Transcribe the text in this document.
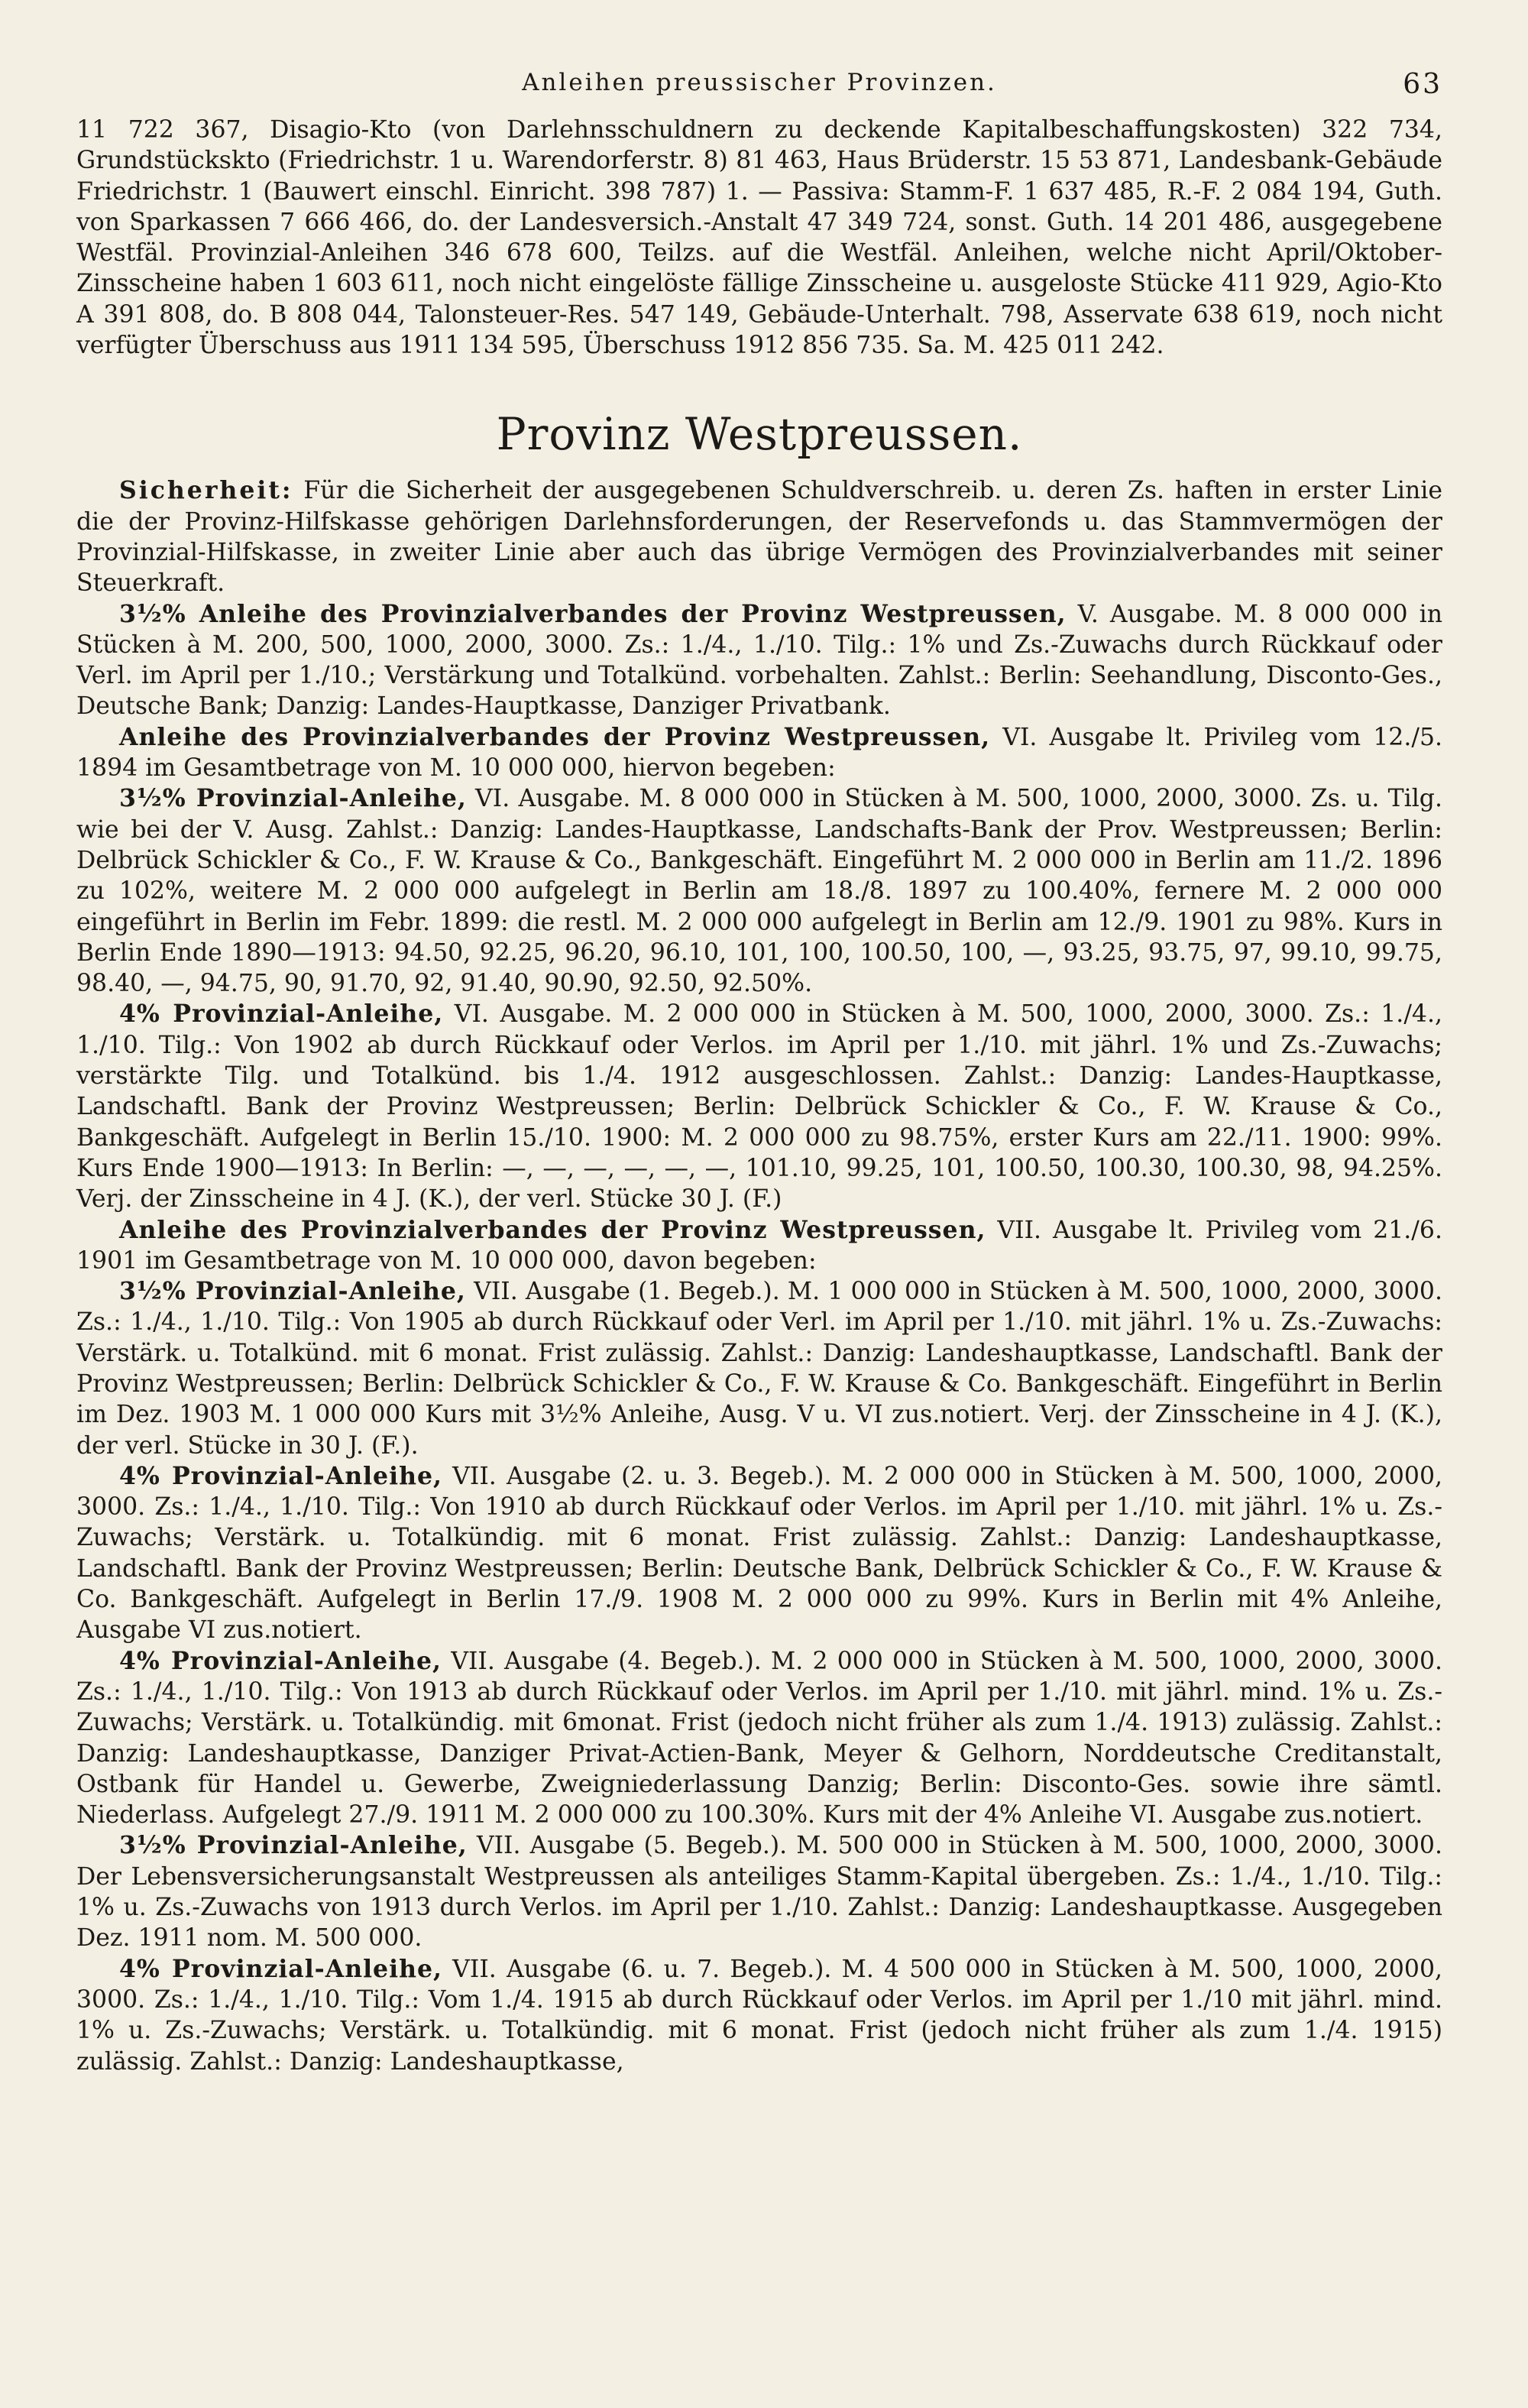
Anleihen preussischer Provinzen.	63

11 722 367, Disagio-Kto (von Darlehnsschuldnern zu deckende Kapitalbeschaffungskosten) 322 734, Grundstückskto (Friedrichstr. 1 u. Warendorferstr. 8) 81 463, Haus Brüderstr. 15 53 871, Landesbank-Gebäude Friedrichstr. 1 (Bauwert einschl. Einricht. 398 787) 1. — Passiva: Stamm-F. 1 637 485, R.-F. 2 084 194, Guth. von Sparkassen 7 666 466, do. der Landesversich.-Anstalt 47 349 724, sonst. Guth. 14 201 486, ausgegebene Westfäl. Provinzial-Anleihen 346 678 600, Teilzs. auf die Westfäl. Anleihen, welche nicht April/Oktober-Zinsscheine haben 1 603 611, noch nicht eingelöste fällige Zinsscheine u. ausgeloste Stücke 411 929, Agio-Kto A 391 808, do. B 808 044, Talonsteuer-Res. 547 149, Gebäude-Unterhalt. 798, Asservate 638 619, noch nicht verfügter Überschuss aus 1911 134 595, Überschuss 1912 856 735. Sa. M. 425 011 242.

Provinz Westpreussen.

Sicherheit: Für die Sicherheit der ausgegebenen Schuldverschreib. u. deren Zs. haften in erster Linie die der Provinz-Hilfskasse gehörigen Darlehnsforderungen, der Reservefonds u. das Stammvermögen der Provinzial-Hilfskasse, in zweiter Linie aber auch das übrige Vermögen des Provinzialverbandes mit seiner Steuerkraft.

3½% Anleihe des Provinzialverbandes der Provinz Westpreussen, V. Ausgabe. M. 8 000 000 in Stücken à M. 200, 500, 1000, 2000, 3000. Zs.: 1./4., 1./10. Tilg.: 1% und Zs.-Zuwachs durch Rückkauf oder Verl. im April per 1./10.; Verstärkung und Totalkünd. vorbehalten. Zahlst.: Berlin: Seehandlung, Disconto-Ges., Deutsche Bank; Danzig: Landes-Hauptkasse, Danziger Privatbank.

Anleihe des Provinzialverbandes der Provinz Westpreussen, VI. Ausgabe lt. Privileg vom 12./5. 1894 im Gesamtbetrage von M. 10 000 000, hiervon begeben:

3½% Provinzial-Anleihe, VI. Ausgabe. M. 8 000 000 in Stücken à M. 500, 1000, 2000, 3000. Zs. u. Tilg. wie bei der V. Ausg. Zahlst.: Danzig: Landes-Hauptkasse, Landschafts-Bank der Prov. Westpreussen; Berlin: Delbrück Schickler & Co., F. W. Krause & Co., Bankgeschäft. Eingeführt M. 2 000 000 in Berlin am 11./2. 1896 zu 102%, weitere M. 2 000 000 aufgelegt in Berlin am 18./8. 1897 zu 100.40%, fernere M. 2 000 000 eingeführt in Berlin im Febr. 1899: die restl. M. 2 000 000 aufgelegt in Berlin am 12./9. 1901 zu 98%. Kurs in Berlin Ende 1890—1913: 94.50, 92.25, 96.20, 96.10, 101, 100, 100.50, 100, —, 93.25, 93.75, 97, 99.10, 99.75, 98.40, —, 94.75, 90, 91.70, 92, 91.40, 90.90, 92.50, 92.50%.

4% Provinzial-Anleihe, VI. Ausgabe. M. 2 000 000 in Stücken à M. 500, 1000, 2000, 3000. Zs.: 1./4., 1./10. Tilg.: Von 1902 ab durch Rückkauf oder Verlos. im April per 1./10. mit jährl. 1% und Zs.-Zuwachs; verstärkte Tilg. und Totalkünd. bis 1./4. 1912 ausgeschlossen. Zahlst.: Danzig: Landes-Hauptkasse, Landschaftl. Bank der Provinz Westpreussen; Berlin: Delbrück Schickler & Co., F. W. Krause & Co., Bankgeschäft. Aufgelegt in Berlin 15./10. 1900: M. 2 000 000 zu 98.75%, erster Kurs am 22./11. 1900: 99%. Kurs Ende 1900—1913: In Berlin: —, —, —, —, —, —, 101.10, 99.25, 101, 100.50, 100.30, 100.30, 98, 94.25%. Verj. der Zinsscheine in 4 J. (K.), der verl. Stücke 30 J. (F.)

Anleihe des Provinzialverbandes der Provinz Westpreussen, VII. Ausgabe lt. Privileg vom 21./6. 1901 im Gesamtbetrage von M. 10 000 000, davon begeben:

3½% Provinzial-Anleihe, VII. Ausgabe (1. Begeb.). M. 1 000 000 in Stücken à M. 500, 1000, 2000, 3000. Zs.: 1./4., 1./10. Tilg.: Von 1905 ab durch Rückkauf oder Verl. im April per 1./10. mit jährl. 1% u. Zs.-Zuwachs: Verstärk. u. Totalkünd. mit 6 monat. Frist zulässig. Zahlst.: Danzig: Landeshauptkasse, Landschaftl. Bank der Provinz Westpreussen; Berlin: Delbrück Schickler & Co., F. W. Krause & Co. Bankgeschäft. Eingeführt in Berlin im Dez. 1903 M. 1 000 000 Kurs mit 3½% Anleihe, Ausg. V u. VI zus.notiert. Verj. der Zinsscheine in 4 J. (K.), der verl. Stücke in 30 J. (F.).

4% Provinzial-Anleihe, VII. Ausgabe (2. u. 3. Begeb.). M. 2 000 000 in Stücken à M. 500, 1000, 2000, 3000. Zs.: 1./4., 1./10. Tilg.: Von 1910 ab durch Rückkauf oder Verlos. im April per 1./10. mit jährl. 1% u. Zs.-Zuwachs; Verstärk. u. Totalkündig. mit 6 monat. Frist zulässig. Zahlst.: Danzig: Landeshauptkasse, Landschaftl. Bank der Provinz Westpreussen; Berlin: Deutsche Bank, Delbrück Schickler & Co., F. W. Krause & Co. Bankgeschäft. Aufgelegt in Berlin 17./9. 1908 M. 2 000 000 zu 99%. Kurs in Berlin mit 4% Anleihe, Ausgabe VI zus.notiert.

4% Provinzial-Anleihe, VII. Ausgabe (4. Begeb.). M. 2 000 000 in Stücken à M. 500, 1000, 2000, 3000. Zs.: 1./4., 1./10. Tilg.: Von 1913 ab durch Rückkauf oder Verlos. im April per 1./10. mit jährl. mind. 1% u. Zs.-Zuwachs; Verstärk. u. Totalkündig. mit 6monat. Frist (jedoch nicht früher als zum 1./4. 1913) zulässig. Zahlst.: Danzig: Landeshauptkasse, Danziger Privat-Actien-Bank, Meyer & Gelhorn, Norddeutsche Creditanstalt, Ostbank für Handel u. Gewerbe, Zweigniederlassung Danzig; Berlin: Disconto-Ges. sowie ihre sämtl. Niederlass. Aufgelegt 27./9. 1911 M. 2 000 000 zu 100.30%. Kurs mit der 4% Anleihe VI. Ausgabe zus.notiert.

3½% Provinzial-Anleihe, VII. Ausgabe (5. Begeb.). M. 500 000 in Stücken à M. 500, 1000, 2000, 3000. Der Lebensversicherungsanstalt Westpreussen als anteiliges Stamm-Kapital übergeben. Zs.: 1./4., 1./10. Tilg.: 1% u. Zs.-Zuwachs von 1913 durch Verlos. im April per 1./10. Zahlst.: Danzig: Landeshauptkasse. Ausgegeben Dez. 1911 nom. M. 500 000.

4% Provinzial-Anleihe, VII. Ausgabe (6. u. 7. Begeb.). M. 4 500 000 in Stücken à M. 500, 1000, 2000, 3000. Zs.: 1./4., 1./10. Tilg.: Vom 1./4. 1915 ab durch Rückkauf oder Verlos. im April per 1./10 mit jährl. mind. 1% u. Zs.-Zuwachs; Verstärk. u. Totalkündig. mit 6 monat. Frist (jedoch nicht früher als zum 1./4. 1915) zulässig. Zahlst.: Danzig: Landeshauptkasse,
